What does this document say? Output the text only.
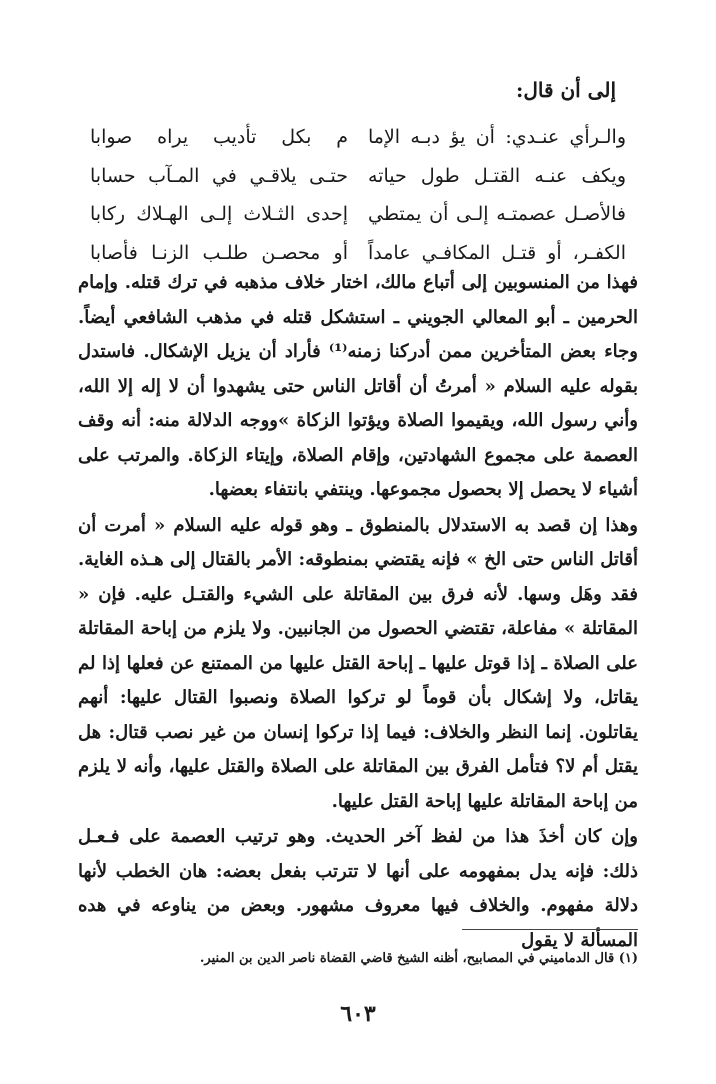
إلى أن قال:

والـرأي عنـدي: أن يؤ دبـه الإما
م بكل تأديب يراه صوابا
ويكف عنـه القتـل طول حياته
حتـى يلاقـي في المـآب حسابا
فالأصـل عصمتـه إلـى أن يمتطي
إحدى الثـلاث إلـى الهـلاك ركابا
الكفـر، أو قتـل المكافـي عامداً
أو محصـن طلـب الزنـا فأصابا

فهذا من المنسوبين إلى أتباع مالك، اختار خلاف مذهبه في ترك قتله. وإمام الحرمين ـ أبو المعالي الجويني ـ استشكل قتله في مذهب الشافعي أيضاً. وجاء بعض المتأخرين ممن أدركنا زمنه⁽¹⁾ فأراد أن يزيل الإشكال. فاستدل بقوله عليه السلام « أمرتُ أن أقاتل الناس حتى يشهدوا أن لا إله إلا الله، وأني رسول الله، ويقيموا الصلاة ويؤتوا الزكاة »ووجه الدلالة منه: أنه وقف العصمة على مجموع الشهادتين، وإقام الصلاة، وإيتاء الزكاة. والمرتب على أشياء لا يحصل إلا بحصول مجموعها. وينتفي بانتفاء بعضها.

وهذا إن قصد به الاستدلال بالمنطوق ـ وهو قوله عليه السلام « أمرت أن أقاتل الناس حتى الخ » فإنه يقتضي بمنطوقه: الأمر بالقتال إلى هـذه الغاية. فقد وهَل وسها. لأنه فرق بين المقاتلة على الشيء والقتـل عليه. فإن « المقاتلة » مفاعلة، تقتضي الحصول من الجانبين. ولا يلزم من إباحة المقاتلة على الصلاة ـ إذا قوتل عليها ـ إباحة القتل عليها من الممتنع عن فعلها إذا لم يقاتل، ولا إشكال بأن قوماً لو تركوا الصلاة ونصبوا القتال عليها: أنهم يقاتلون. إنما النظر والخلاف: فيما إذا تركوا إنسان من غير نصب قتال: هل يقتل أم لا؟ فتأمل الفرق بين المقاتلة على الصلاة والقتل عليها، وأنه لا يلزم من إباحة المقاتلة عليها إباحة القتل عليها.

وإن كان أخذَ هذا من لفظ آخر الحديث. وهو ترتيب العصمة على فـعـل ذلك: فإنه يدل بمفهومه على أنها لا تترتب بفعل بعضه: هان الخطب لأنها دلالة مفهوم. والخلاف فيها معروف مشهور. وبعض من يناوعه في هده المسألة لا يقول

(١) قال الدماميني في المصابيح، أظنه الشيخ قاضي القضاة ناصر الدين بن المنير.

٦٠٣
